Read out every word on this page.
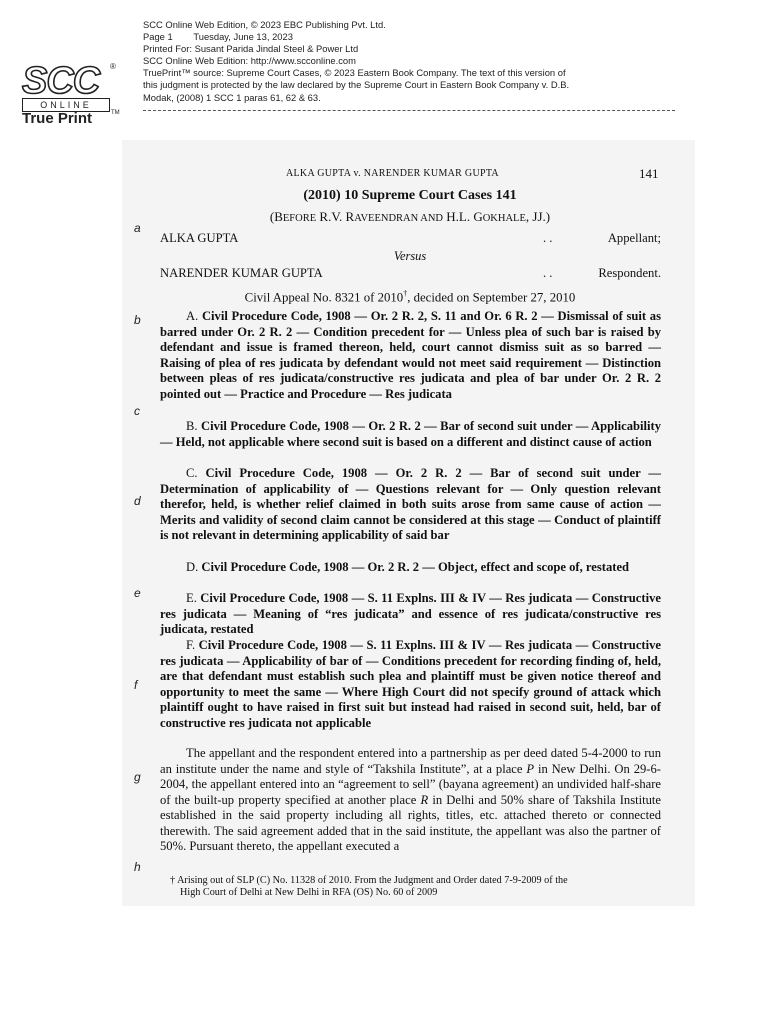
SCC ®
ONLINE
True Print	TM
SCC Online Web Edition, © 2023 EBC Publishing Pvt. Ltd.
Page 1        Tuesday, June 13, 2023
Printed For: Susant Parida Jindal Steel & Power Ltd
SCC Online Web Edition: http://www.scconline.com
TruePrint™ source: Supreme Court Cases, © 2023 Eastern Book Company. The text of this version of
this judgment is protected by the law declared by the Supreme Court in Eastern Book Company v. D.B.
Modak, (2008) 1 SCC 1 paras 61, 62 & 63.
a
b
c
d
e
f
g
h
ALKA GUPTA v. NARENDER KUMAR GUPTA	141
(2010) 10 Supreme Court Cases 141
(BEFORE R.V. RAVEENDRAN AND H.L. GOKHALE, JJ.)
ALKA GUPTA	. .	Appellant;
Versus
NARENDER KUMAR GUPTA	. .	Respondent.
Civil Appeal No. 8321 of 2010†, decided on September 27, 2010
A. Civil Procedure Code, 1908 — Or. 2 R. 2, S. 11 and Or. 6 R. 2 — Dismissal of suit as barred under Or. 2 R. 2 — Condition precedent for — Unless plea of such bar is raised by defendant and issue is framed thereon, held, court cannot dismiss suit as so barred — Raising of plea of res judicata by defendant would not meet said requirement — Distinction between pleas of res judicata/constructive res judicata and plea of bar under Or. 2 R. 2 pointed out — Practice and Procedure — Res judicata
B. Civil Procedure Code, 1908 — Or. 2 R. 2 — Bar of second suit under — Applicability — Held, not applicable where second suit is based on a different and distinct cause of action
C. Civil Procedure Code, 1908 — Or. 2 R. 2 — Bar of second suit under — Determination of applicability of — Questions relevant for — Only question relevant therefor, held, is whether relief claimed in both suits arose from same cause of action — Merits and validity of second claim cannot be considered at this stage — Conduct of plaintiff is not relevant in determining applicability of said bar
D. Civil Procedure Code, 1908 — Or. 2 R. 2 — Object, effect and scope of, restated
E. Civil Procedure Code, 1908 — S. 11 Explns. III & IV — Res judicata — Constructive res judicata — Meaning of “res judicata” and essence of res judicata/constructive res judicata, restated
F. Civil Procedure Code, 1908 — S. 11 Explns. III & IV — Res judicata — Constructive res judicata — Applicability of bar of — Conditions precedent for recording finding of, held, are that defendant must establish such plea and plaintiff must be given notice thereof and opportunity to meet the same — Where High Court did not specify ground of attack which plaintiff ought to have raised in first suit but instead had raised in second suit, held, bar of constructive res judicata not applicable
The appellant and the respondent entered into a partnership as per deed dated 5-4-2000 to run an institute under the name and style of “Takshila Institute”, at a place P in New Delhi. On 29-6-2004, the appellant entered into an “agreement to sell” (bayana agreement) an undivided half-share of the built-up property specified at another place R in Delhi and 50% share of Takshila Institute established in the said property including all rights, titles, etc. attached thereto or connected therewith. The said agreement added that in the said institute, the appellant was also the partner of 50%. Pursuant thereto, the appellant executed a
† Arising out of SLP (C) No. 11328 of 2010. From the Judgment and Order dated 7-9-2009 of the
High Court of Delhi at New Delhi in RFA (OS) No. 60 of 2009
